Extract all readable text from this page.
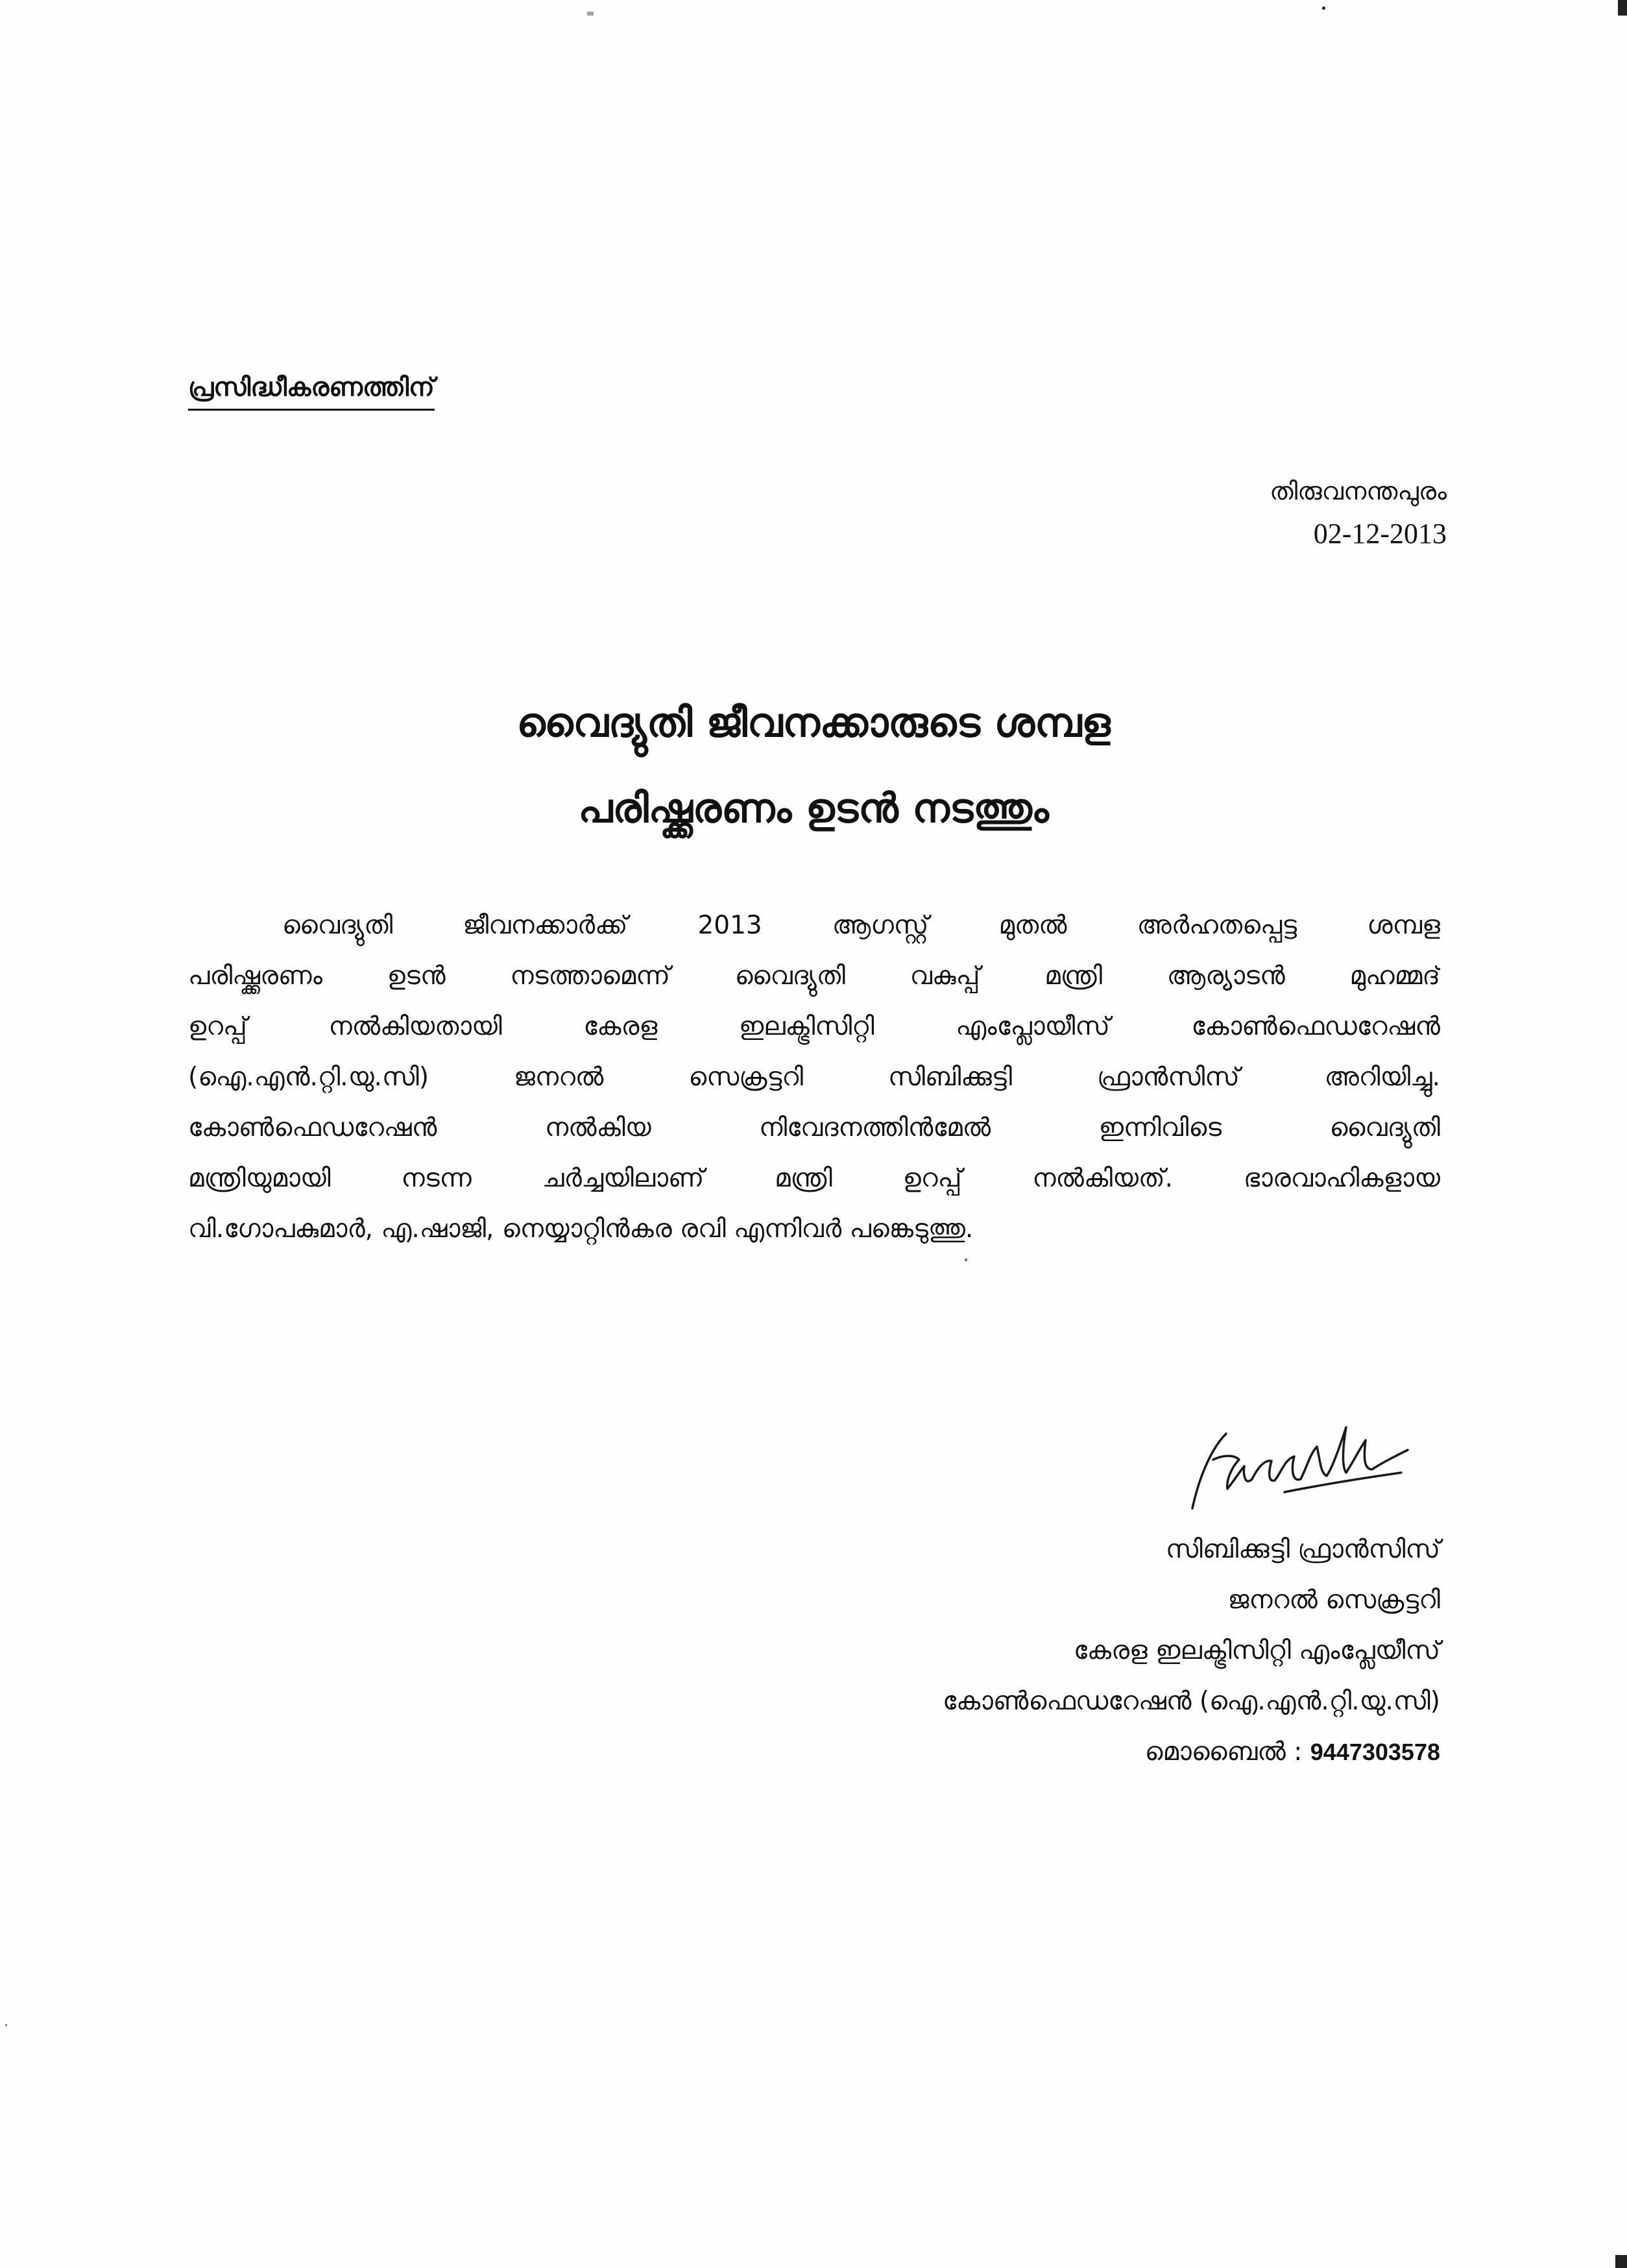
പ്രസിദ്ധീകരണത്തിന്
തിരുവനന്തപുരം
02-12-2013
വൈദ്യുതി ജീവനക്കാരുടെ ശമ്പള
പരിഷ്ക്കരണം ഉടൻ നടത്തും
വൈദ്യുതി ജീവനക്കാർക്ക് 2013 ആഗസ്റ്റ് മുതൽ അർഹതപ്പെട്ട ശമ്പള
പരിഷ്ക്കരണം ഉടൻ നടത്താമെന്ന് വൈദ്യുതി വകുപ്പ് മന്ത്രി ആര്യാടൻ മുഹമ്മദ്
ഉറപ്പ് നൽകിയതായി കേരള ഇലക്ട്രിസിറ്റി എംപ്ലോയീസ് കോൺഫെഡറേഷൻ
(ഐ.എൻ.റ്റി.യു.സി) ജനറൽ സെക്രട്ടറി സിബിക്കുട്ടി ഫ്രാൻസിസ് അറിയിച്ചു.
കോൺഫെഡറേഷൻ നൽകിയ നിവേദനത്തിൻമേൽ ഇന്നിവിടെ വൈദ്യുതി
മന്ത്രിയുമായി നടന്ന ചർച്ചയിലാണ് മന്ത്രി ഉറപ്പ് നൽകിയത്. ഭാരവാഹികളായ
വി.ഗോപകുമാർ, എ.ഷാജി, നെയ്യാറ്റിൻകര രവി എന്നിവർ പങ്കെടുത്തു.
സിബിക്കുട്ടി ഫ്രാൻസിസ്
ജനറൽ സെക്രട്ടറി
കേരള ഇലക്ട്രിസിറ്റി എംപ്ലേയീസ്
കോൺഫെഡറേഷൻ (ഐ.എൻ.റ്റി.യു.സി)
മൊബൈൽ : 9447303578
